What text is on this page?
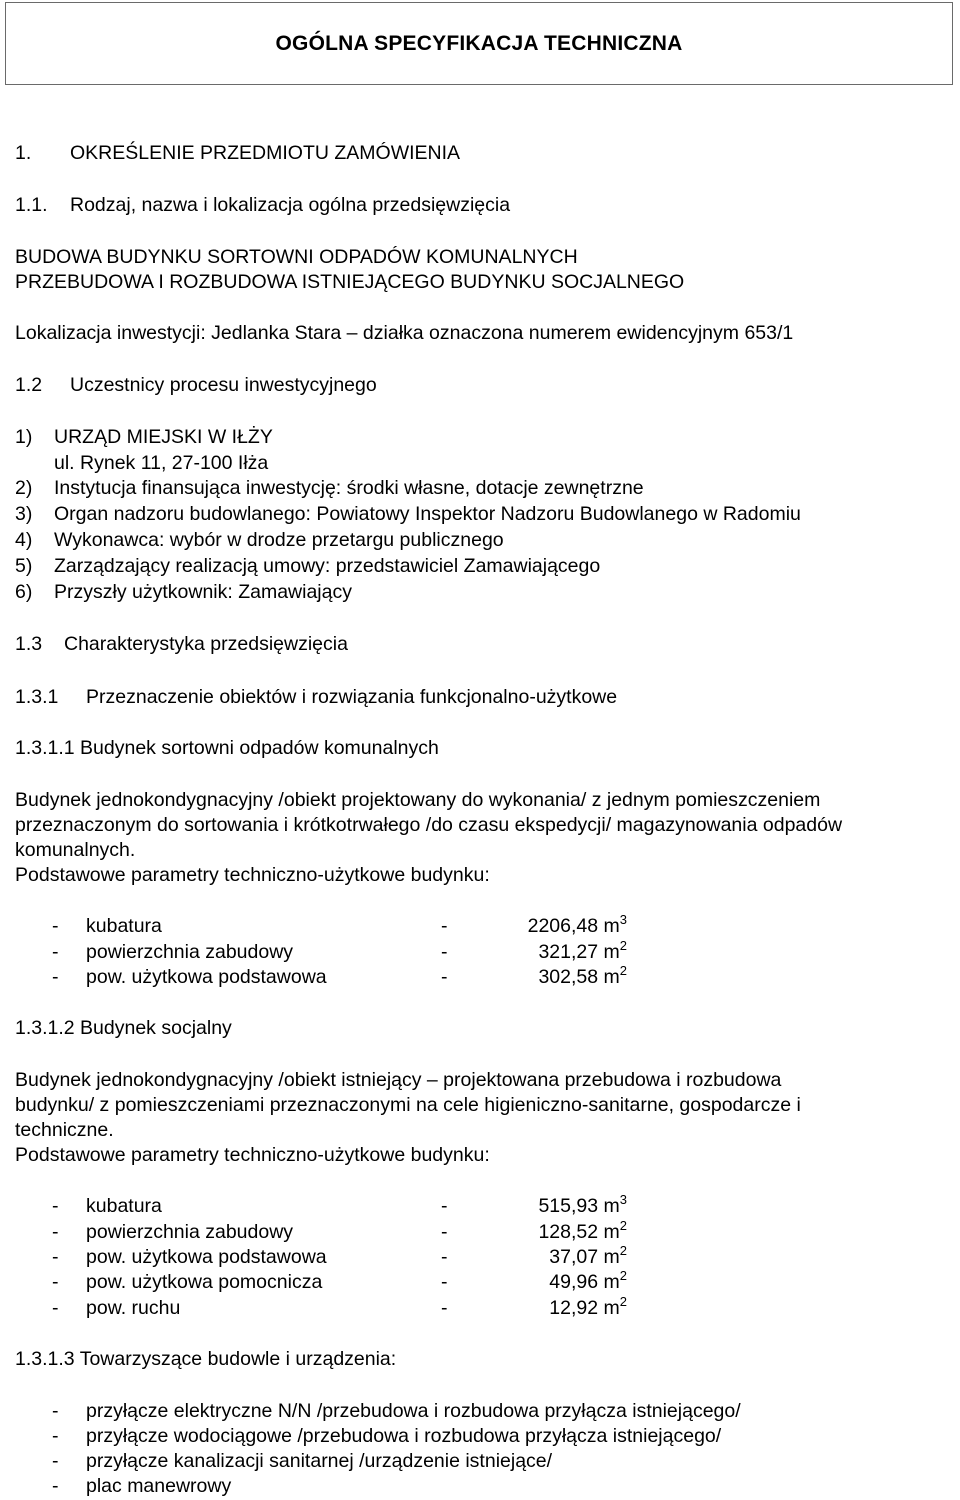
OGÓLNA SPECYFIKACJA TECHNICZNA
1. OKREŚLENIE PRZEDMIOTU ZAMÓWIENIA
1.1. Rodzaj, nazwa i lokalizacja ogólna przedsięwzięcia
BUDOWA BUDYNKU SORTOWNI ODPADÓW KOMUNALNYCH
PRZEBUDOWA I ROZBUDOWA ISTNIEJĄCEGO BUDYNKU SOCJALNEGO
Lokalizacja inwestycji: Jedlanka Stara – działka oznaczona numerem ewidencyjnym 653/1
1.2 Uczestnicy procesu inwestycyjnego
1) URZĄD MIEJSKI W IŁŻY
ul. Rynek 11, 27-100 Iłża
2) Instytucja finansująca inwestycję: środki własne, dotacje zewnętrzne
3) Organ nadzoru budowlanego: Powiatowy Inspektor Nadzoru Budowlanego w Radomiu
4) Wykonawca: wybór w drodze przetargu publicznego
5) Zarządzający realizacją umowy: przedstawiciel Zamawiającego
6) Przyszły użytkownik: Zamawiający
1.3 Charakterystyka przedsięwzięcia
1.3.1 Przeznaczenie obiektów i rozwiązania funkcjonalno-użytkowe
1.3.1.1 Budynek sortowni odpadów komunalnych
Budynek jednokondygnacyjny /obiekt projektowany do wykonania/ z jednym pomieszczeniem
przeznaczonym do sortowania i krótkotrwałego /do czasu ekspedycji/ magazynowania odpadów
komunalnych.
Podstawowe parametry techniczno-użytkowe budynku:
- kubatura	-	2206,48 $m^3$
- powierzchnia zabudowy	-	321,27 $m^2$
- pow. użytkowa podstawowa	-	302,58 $m^2$
1.3.1.2 Budynek socjalny
Budynek jednokondygnacyjny /obiekt istniejący – projektowana przebudowa i rozbudowa
budynku/ z pomieszczeniami przeznaczonymi na cele higieniczno-sanitarne, gospodarcze i
techniczne.
Podstawowe parametry techniczno-użytkowe budynku:
- kubatura	-	515,93 $m^3$
- powierzchnia zabudowy	-	128,52 $m^2$
- pow. użytkowa podstawowa	-	37,07 $m^2$
- pow. użytkowa pomocnicza	-	49,96 $m^2$
- pow. ruchu	-	12,92 $m^2$
1.3.1.3 Towarzyszące budowle i urządzenia:
- przyłącze elektryczne N/N /przebudowa i rozbudowa przyłącza istniejącego/
- przyłącze wodociągowe /przebudowa i rozbudowa przyłącza istniejącego/
- przyłącze kanalizacji sanitarnej /urządzenie istniejące/
- plac manewrowy
